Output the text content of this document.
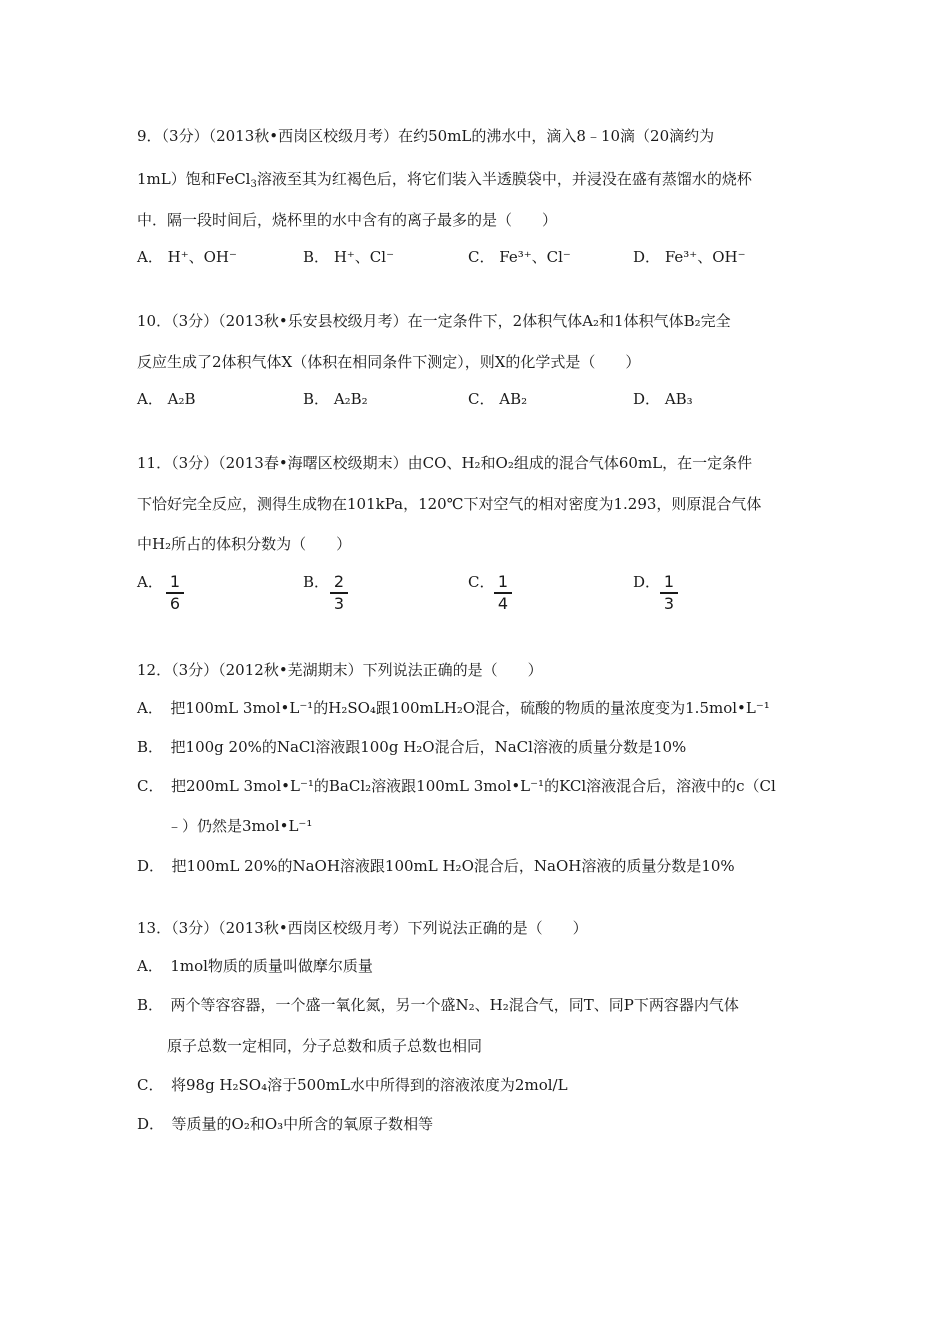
9．（3分）（2013秋•西岗区校级月考）在约50mL的沸水中，滴入8﹣10滴（20滴约为
1mL）饱和FeCl$_3$溶液至其为红褐色后，将它们装入半透膜袋中，并浸没在盛有蒸馏水的烧杯
中．隔一段时间后，烧杯里的水中含有的离子最多的是（　　）
A． H⁺、OH⁻	B． H⁺、Cl⁻	C． Fe³⁺、Cl⁻	D． Fe³⁺、OH⁻
10．（3分）（2013秋•乐安县校级月考）在一定条件下，2体积气体A₂和1体积气体B₂完全
反应生成了2体积气体X（体积在相同条件下测定），则X的化学式是（　　）
A． A₂B	B． A₂B₂	C． AB₂	D． AB₃
11．（3分）（2013春•海曙区校级期末）由CO、H₂和O₂组成的混合气体60mL，在一定条件
下恰好完全反应，测得生成物在101kPa，120℃下对空气的相对密度为1.293，则原混合气体
中H₂所占的体积分数为（　　）
A． 1
6
B． 2
3
C． 1
4
D． 1
3
12．（3分）（2012秋•芜湖期末）下列说法正确的是（　　）
A．　把100mL 3mol•L⁻¹的H₂SO₄跟100mLH₂O混合，硫酸的物质的量浓度变为1.5mol•L⁻¹
B．　把100g 20%的NaCl溶液跟100g H₂O混合后，NaCl溶液的质量分数是10%
C．　把200mL 3mol•L⁻¹的BaCl₂溶液跟100mL 3mol•L⁻¹的KCl溶液混合后，溶液中的c（Cl
﹣）仍然是3mol•L⁻¹
D．　把100mL 20%的NaOH溶液跟100mL H₂O混合后，NaOH溶液的质量分数是10%
13．（3分）（2013秋•西岗区校级月考）下列说法正确的是（　　）
A．　1mol物质的质量叫做摩尔质量
B．　两个等容容器，一个盛一氧化氮，另一个盛N₂、H₂混合气，同T、同P下两容器内气体
原子总数一定相同，分子总数和质子总数也相同
C．　将98g H₂SO₄溶于500mL水中所得到的溶液浓度为2mol/L
D．　等质量的O₂和O₃中所含的氧原子数相等
